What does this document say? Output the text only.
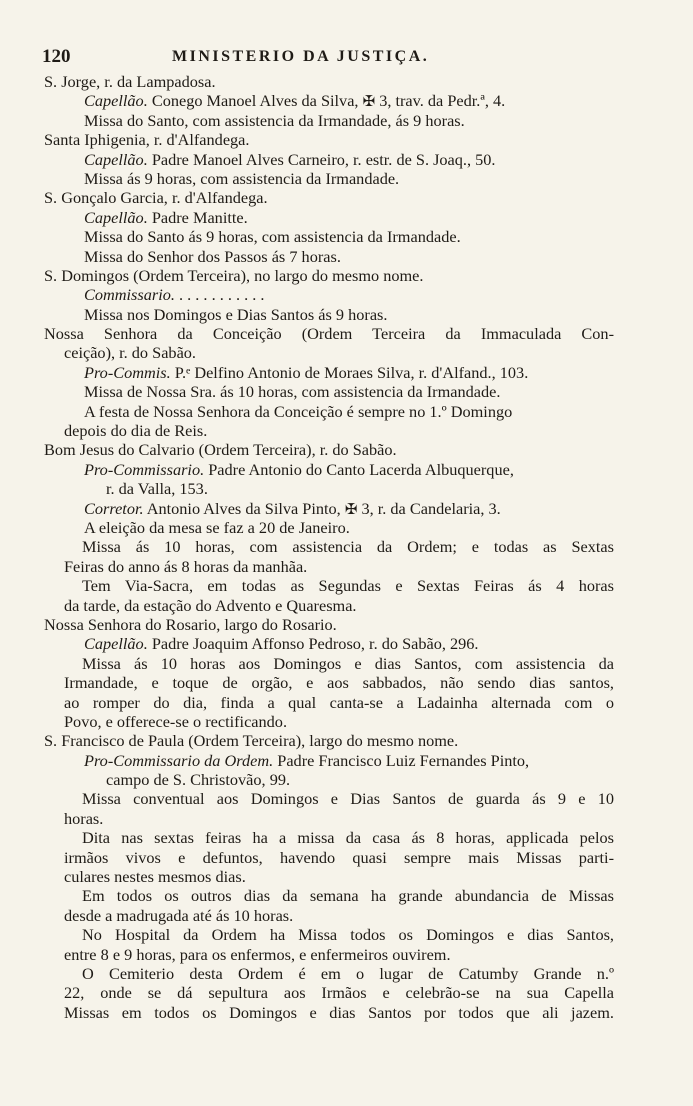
120	MINISTERIO DA JUSTIÇA.
S. Jorge, r. da Lampadosa.
Capellão. Conego Manoel Alves da Silva, ✠ 3, trav. da Pedr.ª, 4.
Missa do Santo, com assistencia da Irmandade, ás 9 horas.
Santa Iphigenia, r. d'Alfandega.
Capellão. Padre Manoel Alves Carneiro, r. estr. de S. Joaq., 50.
Missa ás 9 horas, com assistencia da Irmandade.
S. Gonçalo Garcia, r. d'Alfandega.
Capellão. Padre Manitte.
Missa do Santo ás 9 horas, com assistencia da Irmandade.
Missa do Senhor dos Passos ás 7 horas.
S. Domingos (Ordem Terceira), no largo do mesmo nome.
Commissario. . . . . . . . . . . .
Missa nos Domingos e Dias Santos ás 9 horas.
Nossa Senhora da Conceição (Ordem Terceira da Immaculada Con-
ceição), r. do Sabão.
Pro-Commis. P.ᵉ Delfino Antonio de Moraes Silva, r. d'Alfand., 103.
Missa de Nossa Sra. ás 10 horas, com assistencia da Irmandade.
A festa de Nossa Senhora da Conceição é sempre no 1.º Domingo
depois do dia de Reis.
Bom Jesus do Calvario (Ordem Terceira), r. do Sabão.
Pro-Commissario. Padre Antonio do Canto Lacerda Albuquerque,
r. da Valla, 153.
Corretor. Antonio Alves da Silva Pinto, ✠ 3, r. da Candelaria, 3.
A eleição da mesa se faz a 20 de Janeiro.
Missa ás 10 horas, com assistencia da Ordem; e todas as Sextas
Feiras do anno ás 8 horas da manhãa.
Tem Via-Sacra, em todas as Segundas e Sextas Feiras ás 4 horas
da tarde, da estação do Advento e Quaresma.
Nossa Senhora do Rosario, largo do Rosario.
Capellão. Padre Joaquim Affonso Pedroso, r. do Sabão, 296.
Missa ás 10 horas aos Domingos e dias Santos, com assistencia da
Irmandade, e toque de orgão, e aos sabbados, não sendo dias santos,
ao romper do dia, finda a qual canta-se a Ladainha alternada com o
Povo, e offerece-se o rectificando.
S. Francisco de Paula (Ordem Terceira), largo do mesmo nome.
Pro-Commissario da Ordem. Padre Francisco Luiz Fernandes Pinto,
campo de S. Christovão, 99.
Missa conventual aos Domingos e Dias Santos de guarda ás 9 e 10
horas.
Dita nas sextas feiras ha a missa da casa ás 8 horas, applicada pelos
irmãos vivos e defuntos, havendo quasi sempre mais Missas parti-
culares nestes mesmos dias.
Em todos os outros dias da semana ha grande abundancia de Missas
desde a madrugada até ás 10 horas.
No Hospital da Ordem ha Missa todos os Domingos e dias Santos,
entre 8 e 9 horas, para os enfermos, e enfermeiros ouvirem.
O Cemiterio desta Ordem é em o lugar de Catumby Grande n.º
22, onde se dá sepultura aos Irmãos e celebrão-se na sua Capella
Missas em todos os Domingos e dias Santos por todos que ali jazem.
